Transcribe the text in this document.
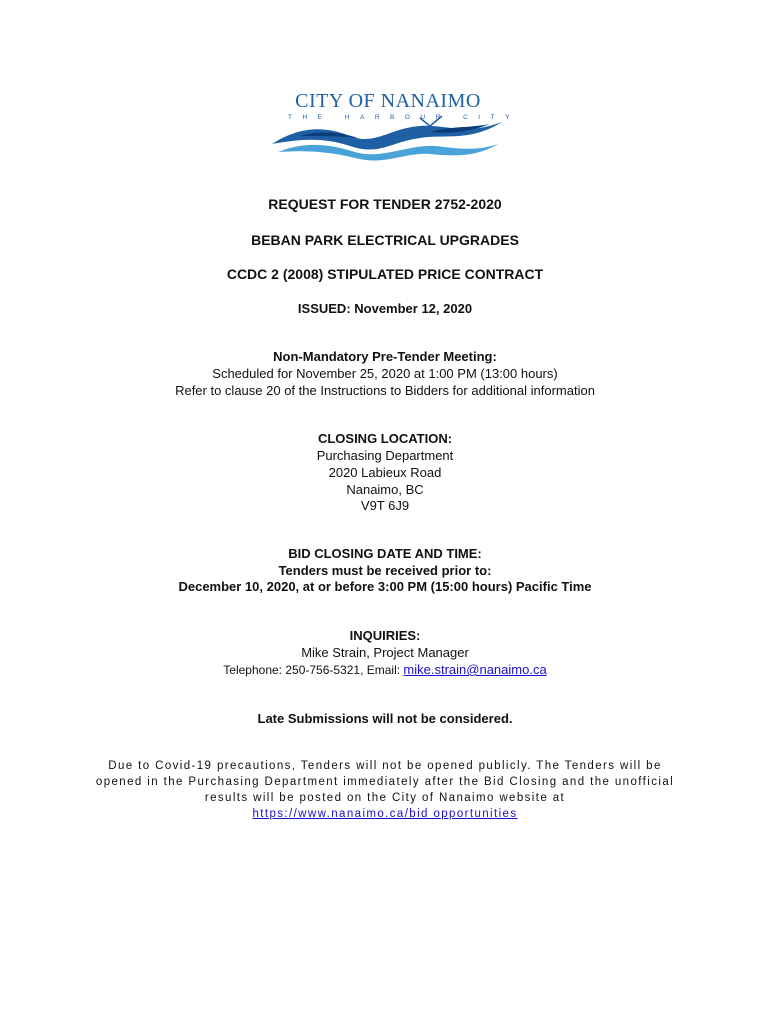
CITY OF NANAIMO
THE HARBOUR CITY
REQUEST FOR TENDER 2752-2020
BEBAN PARK ELECTRICAL UPGRADES
CCDC 2 (2008) STIPULATED PRICE CONTRACT
ISSUED: November 12, 2020
Non-Mandatory Pre-Tender Meeting:
Scheduled for November 25, 2020 at 1:00 PM (13:00 hours)
Refer to clause 20 of the Instructions to Bidders for additional information
CLOSING LOCATION:
Purchasing Department
2020 Labieux Road
Nanaimo, BC
V9T 6J9
BID CLOSING DATE AND TIME:
Tenders must be received prior to:
December 10, 2020, at or before 3:00 PM (15:00 hours) Pacific Time
INQUIRIES:
Mike Strain, Project Manager
Telephone: 250-756-5321, Email: mike.strain@nanaimo.ca
Late Submissions will not be considered.
Due to Covid-19 precautions, Tenders will not be opened publicly. The Tenders will be
opened in the Purchasing Department immediately after the Bid Closing and the unofficial
results will be posted on the City of Nanaimo website at
https://www.nanaimo.ca/bid opportunities
